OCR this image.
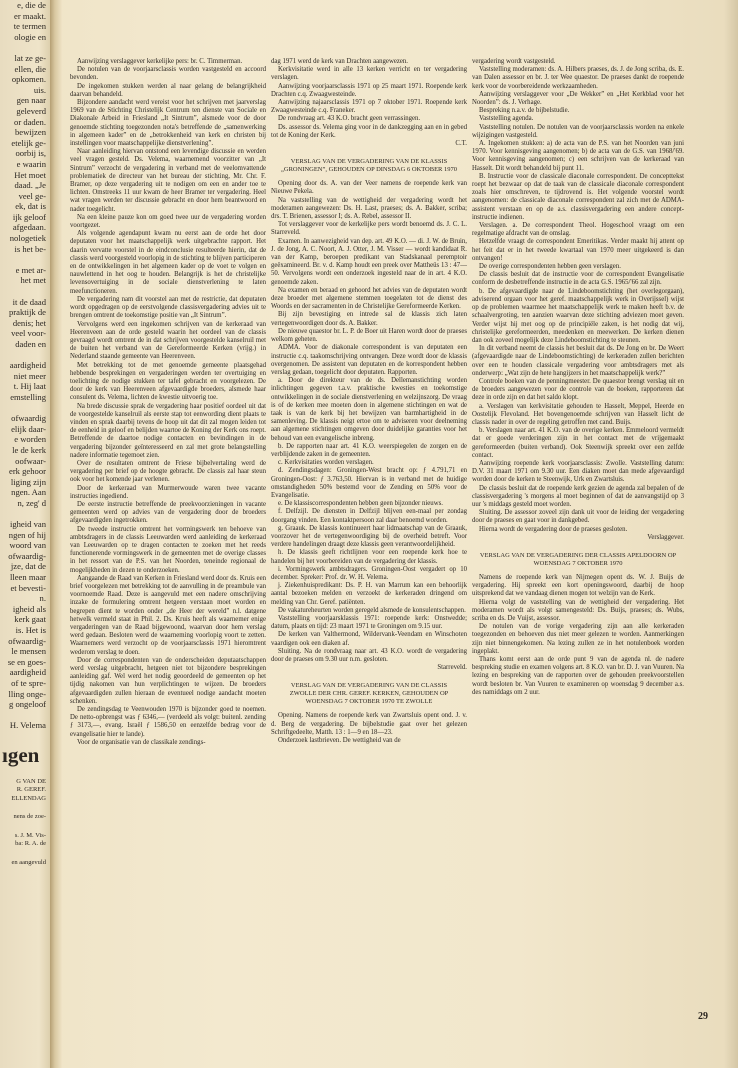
e, die de

er maakt.

te termen

ologie en

lat ze ge-

ellen, die

opkomen.

uis.

gen naar

geleverd

or daden.

bewijzen

etelijk ge-

oorbij is,

e waarin

Het moet

daad. „Je

veel ge-

ek, dat is

ijk geloof

afgedaan.

nologetiek

is het be-

e met ar-

het met

it de daad

praktijk de

denis; het

veel voor-

daden en

aardigheid

niet meer

t. Hij laat

emstelling

ofwaardig

elijk daar-

e worden

le de kerk

oofwaar-

erk gehoor

liging zijn

ngen. Aan

n, zeg' d

igheid van

ngen of hij

woord van

ofwaardig-

jze, dat de

lleen maar

et bevesti-

n.

igheid als

kerk gaat

is. Het is

ofwaardig-

le mensen

se en goes-

aardigheid

of te spre-

lling onge-

g ongeloof

H. Velema

ıgen

G VAN DE

R. GEREF.

ELLENDAG

nens de zoe-

s. J. M. Vis-

ba: R. A. de

en aangevuld

Aanwijzing verslaggever kerkelijke pers: br. C. Timmerman.

De notulen van de voorjaarsclassis worden vastgesteld en accoord bevonden.

De ingekomen stukken werden al naar gelang de belangrijkheid daarvan behandeld.

Bijzondere aandacht werd vereist voor het schrijven met jaarverslag 1969 van de Stichting Christelijk Centrum ten dienste van Sociale en Diakonale Arbeid in Friesland „It Sintrum”, alsmede voor de door genoemde stichting toegezonden nota's betreffende de „samenwerking in algemeen kader” en de „betrokkenheid van kerk en christen bij instellingen voor maatschappelijke dienstverlening”.

Naar aanleiding hiervan ontstond een levendige discussie en werden veel vragen gesteld. Ds. Velema, waarnemend voorzitter van „It Sintrum” verzocht de vergadering in verband met de veelomvattende problematiek de directeur van het bureau der stichting, Mr. Chr. F. Bramer, op deze vergadering uit te nodigen om een en ander toe te lichten. Omstreeks 11 uur kwam de heer Bramer ter vergadering. Heel wat vragen werden ter discussie gebracht en door hem beantwoord en nader toegelicht.

Na een kleine pauze kon om goed twee uur de vergadering worden voortgezet.

Als volgende agendapunt kwam nu eerst aan de orde het door deputaten voor het maatschappelijk werk uitgebrachte rapport. Het daarin vervatte voorstel in de eindconclusie resulteerde hierin, dat de classis werd voorgesteld voorlopig in de stichting te blijven participeren en de ontwikkelingen in het algemeen kader op de voet te volgen en nauwlettend in het oog te houden. Belangrijk is het de christelijke levensovertuiging in de sociale dienstverlening te laten meefunctioneren.

De vergadering nam dit voorstel aan met de restrictie, dat deputaten wordt opgedragen op de eerstvolgende classisvergadering advies uit te brengen omtrent de toekomstige positie van „It Sintrum”.

Vervolgens werd een ingekomen schrijven van de kerkeraad van Heerenveen aan de orde gesteld waarin het oordeel van de classis gevraagd wordt omtrent de in dat schrijven voorgestelde kanselruil met de buiten het verband van de Gereformeerde Kerken (vrijg.) in Nederland staande gemeente van Heerenveen.

Met betrekking tot de met genoemde gemeente plaatsgehad hebbende besprekingen en vergaderingen werden ter overtuiging en toelichting de nodige stukken ter tafel gebracht en voorgelezen. De door de kerk van Heerenveen afgevaardigde broeders, alsmede haar consulent ds. Velema, lichten de kwestie uitvoerig toe.

Na brede discussie sprak de vergadering haar positief oordeel uit dat de voorgestelde kanselruil als eerste stap tot eenwording dient plaats te vinden en sprak daarbij tevens de hoop uit dat dit zal mogen leiden tot de eenheid in geloof en belijden waartoe de Koning der Kerk ons roept. Betreffende de daartoe nodige contacten en bevindingen in de vergadering bijzonder geïnteresseerd en zal met grote belangstelling nadere informatie tegemoet zien.

Over de resultaten omtrent de Friese bijbelvertaling werd de vergadering per brief op de hoogte gebracht. De classis zal haar steun ook voor het komende jaar verlenen.

Door de kerkeraad van Murmerwoude waren twee vacante instructies ingediend.

De eerste instructie betreffende de preekvoorzieningen in vacante gemeenten werd op advies van de vergadering door de broeders afgevaardigden ingetrokken.

De tweede instructie omtrent het vormingswerk ten behoeve van ambtsdragers in de classis Leeuwarden werd aanleiding de kerkeraad van Leeuwarden op te dragen contacten te zoeken met het reeds functionerende vormingswerk in de gemeenten met de overige classes in het ressort van de P.S. van het Noorden, teneinde regionaal de mogelijkheden in dezen te onderzoeken.

Aangaande de Raad van Kerken in Friesland werd door ds. Kruis een brief voorgelezen met betrekking tot de aanvulling in de preambule van voornoemde Raad. Deze is aangevuld met een nadere omschrijving inzake de formulering omtrent hetgeen verstaan moet worden en begrepen dient te worden onder „de Heer der wereld” n.l. datgene hetwelk vermeld staat in Phil. 2. Ds. Kruis heeft als waarnemer enige vergaderingen van de Raad bijgewoond, waarvan door hem verslag werd gedaan. Besloten werd de waarneming voorlopig voort te zetten. Waarnemers werd verzocht op de voorjaarsclassis 1971 hieromtrent wederom verslag te doen.

Door de correspondenten van de onderscheiden deputaatschappen werd verslag uitgebracht, hetgeen niet tot bijzondere besprekingen aanleiding gaf. Wel werd het nodig geoordeeld de gemeenten op het tijdig nakomen van hun verplichtingen te wijzen. De broeders afgevaardigden zullen hieraan de eventueel nodige aandacht moeten schenken.

De zendingsdag te Veenwouden 1970 is bijzonder goed te noemen. De netto-opbrengst was ƒ 6346,— (verdeeld als volgt: buitenl. zending ƒ 3173,—, evang. Israël ƒ 1586,50 en eenzelfde bedrag voor de evangelisatie hier te lande).

Voor de organisatie van de classikale zendings-

dag 1971 werd de kerk van Drachten aangewezen.

Kerkvisitatie werd in alle 13 kerken verricht en ter vergadering verslagen.

Aanwijzing voorjaarsclassis 1971 op 25 maart 1971. Roepende kerk Drachten c.q. Zwaagwesteinde.

Aanwijzing najaarsclassis 1971 op 7 oktober 1971. Roepende kerk Zwaagwesteinde c.q. Franeker.

De rondvraag art. 43 K.O. bracht geen verrassingen.

Ds. assessor ds. Velema ging voor in de dankzegging aan en in gebed tot de Koning der Kerk.

C.T.

VERSLAG VAN DE VERGADERING VAN DE KLASSIS „GRONINGEN”, GEHOUDEN OP DINSDAG 6 OKTOBER 1970

Opening door ds. A. van der Veer namens de roepende kerk van Nieuwe Pekela.

Na vaststelling van de wettigheid der vergadering wordt het moderamen aangewezen: Ds. H. Last, praeses; ds. A. Bakker, scriba; drs. T. Brienen, assessor I; ds. A. Rebel, assessor II.

Tot verslaggever voor de kerkelijke pers wordt benoemd ds. J. C. L. Starreveld.

Examen. In aanwezigheid van dep. art. 49 K.O. — di. J. W. de Bruin, J. de Jong, A. C. Noort, A. J. Otter, J. M. Visser — wordt kandidaat R. van der Kamp, beroepen predikant van Stadskanaal peremptoir geëxamineerd. Br. v. d. Kamp houdt een preek over Mattheüs 13 : 47—50. Vervolgens wordt een onderzoek ingesteld naar de in art. 4 K.O. genoemde zaken.

Na examen en beraad en gehoord het advies van de deputaten wordt deze broeder met algemene stemmen toegelaten tot de dienst des Woords en der sacramenten in de Christelijke Gereformeerde Kerken.

Bij zijn bevestiging en intrede sal de klassis zich laten vertegenwoordigen door ds. A. Bakker.

De nieuwe quaestor br. L. P. de Boer uit Haren wordt door de praeses welkom geheten.

ADMA. Voor de diakonale correspondent is van deputaten een instructie c.q. taakomschrijving ontvangen. Deze wordt door de klassis overgenomen. De assistent van deputaten en de korrespondent hebben verslag gedaan, toegelicht door deputaten. Rapporten.

a. Door de direkteur van de ds. Dellemanstichting worden inlichtingen gegeven t.a.v. praktische kwesties en toekomstige ontwikkelingen in de sociale dienstverlening en welzijnszorg. De vraag is of de kerken mee moeten doen in algemene stichtingen en wat de taak is van de kerk bij het bewijzen van barmhartigheid in de samenleving. De klassis neigt ertoe om te adviseren voor deelneming aan algemene stichtingen omgeven door duidelijke garanties voor het behoud van een evangelische inbreng.

b. De rapporten naar art. 41 K.O. weerspiegelen de zorgen en de verblijdende zaken in de gemeenten.

c. Kerkvisitaties worden verslagen.

d. Zendingsdagen: Groningen-West bracht op: ƒ 4.791,71 en Groningen-Oost: ƒ 3.763,50. Hiervan is in verband met de huidige omstandigheden 50% bestemd voor de Zending en 50% voor de Evangelisatie.

e. De klassiscorrespondenten hebben geen bijzonder nieuws.

f. Delfzijl. De diensten in Delfzijl blijven een-maal per zondag doorgang vinden. Een kontaktpersoon zal daar benoemd worden.

g. Graauk. De klassis kontinueert haar lidmaatschap van de Graauk, voorzover het de vertegenwoordiging bij de overheid betreft. Voor verdere handelingen draagt deze klassis geen verantwoordelijkheid.

h. De klassis geeft richtlijnen voor een roepende kerk hoe te handelen bij het voorbereiden van de vergadering der klassis.

i. Vormingswerk ambtsdragers. Groningen-Oost vergadert op 10 december. Spreker: Prof. dr. W. H. Velema.

j. Ziekenhuispredikant: Ds. P. H. van Marrum kan een behoorlijk aantal bezoeken melden en verzoekt de kerkeraden dringend om melding van Chr. Geref. patiënten.

De vakatureheurten worden geregeld alsmede de konsulentschappen.

Vaststelling voorjaarsklassis 1971: roepende kerk: Onstwedde; datum, plaats en tijd: 23 maart 1971 te Groningen om 9.15 uur.

De kerken van Valthermond, Wildervank-Veendam en Winschoten vaardigen ook een diaken af.

Sluiting. Na de rondvraag naar art. 43 K.O. wordt de vergadering door de praeses om 9.30 uur n.m. gesloten.

Starreveld.

VERSLAG VAN DE VERGADERING VAN DE CLASSIS ZWOLLE DER CHR. GEREF. KERKEN, GEHOUDEN OP WOENSDAG 7 OKTOBER 1970 TE ZWOLLE

Opening. Namens de roepende kerk van Zwartsluis opent ond. J. v. d. Berg de vergadering. De bijbelstudie gaat over het gelezen Schriftgedeelte, Matth. 13 : 1—9 en 18—23.

Onderzoek lastbrieven. De wettigheid van de

vergadering wordt vastgesteld.

Vaststelling moderamen: ds. A. Hilbers praeses, ds. J. de Jong scriba, ds. E. van Dalen assessor en br. J. ter Wee quaestor. De praeses dankt de roepende kerk voor de voorbereidende werkzaamheden.

Aanwijzing verslaggever voor „De Wekker” en „Het Kerkblad voor het Noorden”: ds. J. Verhage.

Bespreking n.a.v. de bijbelstudie.

Vaststelling agenda.

Vaststelling notulen. De notulen van de voorjaarsclassis worden na enkele wijzigingen vastgesteld.

A. Ingekomen stukken: a) de acta van de P.S. van het Noorden van juni 1970. Voor kennisgeving aangenomen; b) de acta van de G.S. van 1968/'69. Voor kennisgeving aangenomen; c) een schrijven van de kerkeraad van Hasselt. Dit wordt behandeld bij punt 11.

B. Instructie voor de classicale diaconale correspondent. De concepttekst roept het bezwaar op dat de taak van de classicale diaconale correspondent zoals hier omschreven, te tijdrovend is. Het volgende voorstel wordt aangenomen: de classicale diaconale correspondent zal zich met de ADMA-assistent verstaan en op de a.s. classisvergadering een andere concept-instructie indienen.

Verslagen. a. De correspondent Theol. Hogeschool vraagt om een regelmatige afdracht van de omslag.

Hetzelfde vraagt de correspondent Emeritikas. Verder maakt hij attent op het feit dat er in het tweede kwartaal van 1970 meer uitgekeerd is dan ontvangen!

De overige correspondenten hebben geen verslagen.

De classis besluit dat de instructie voor de correspondent Evangelisatie conform de desbetreffende instructie in de acta G.S. 1965/'66 zal zijn.

b. De afgevaardigde naar de Lindeboomstichting (het overlegorgaan), adviserend orgaan voor het geref. maatschappelijk werk in Overijssel) wijst op de problemen waarmee het maatschappelijk werk te maken heeft b.v. de schaalvergroting, ten aanzien waarvan deze stichting adviezen moet geven. Verder wijst hij met oog op de principiële zaken, is het nodig dat wij, christelijke gereformeerden, meedenken en meewerken. De kerken dienen dan ook zoveel mogelijk deze Lindeboomstichting te steunen.

In dit verband neemt de classis het besluit dat ds. De Jong en br. De Weert (afgevaardigde naar de Lindeboomstichting) de kerkeraden zullen berichten over een te houden classicale vergadering voor ambtsdragers met als onderwerp: „Wat zijn de hete hangijzers in het maatschappelijk werk?”

Controle boeken van de penningmeester. De quaestor brengt verslag uit en de broeders aangewezen voor de controle van de boeken, rapporteren dat deze in orde zijn en dat het saldo klopt.

a. Verslagen van kerkvisitatie gehouden te Hasselt, Meppel, Heerde en Oostelijk Flevoland. Het bovengenoemde schrijven van Hasselt licht de classis nader in over de regeling getroffen met cand. Buijs.

b. Verslagen naar art. 41 K.O. van de overige kerken. Emmeloord vermeldt dat er goede verderingen zijn in het contact met de vrijgemaakt gereformeerden (buiten verband). Ook Steenwijk spreekt over een zelfde contact.

Aanwijzing roepende kerk voorjaarsclassis: Zwolle. Vaststelling datum: D.V. 31 maart 1971 om 9.30 uur. Een diaken moet dan mede afgevaardigd worden door de kerken te Steenwijk, Urk en Zwartsluis.

De classis besluit dat de roepende kerk gezien de agenda zal bepalen of de classisvergadering 's morgens al moet beginnen of dat de aanvangstijd op 3 uur 's middags gesteld moet worden.

Sluiting. De assessor zoveel zijn dank uit voor de leiding der vergadering door de praeses en gaat voor in dankgebed.

Hierna wordt de vergadering door de praeses gesloten.

Verslaggever.

VERSLAG VAN DE VERGADERING DER CLASSIS APELDOORN OP WOENSDAG 7 OKTOBER 1970

Namens de roepende kerk van Nijmegen opent ds. W. J. Buijs de vergadering. Hij spreekt een kort openingswoord, daarbij de hoop uitsprekend dat we vandaag dienen mogen tot welzijn van de Kerk.

Hierna volgt de vaststelling van de wettigheid der vergadering. Het moderamen wordt als volgt samengesteld: Ds. Buijs, praeses; ds. Wubs, scriba en ds. De Vuijst, assessor.

De notulen van de vorige vergadering zijn aan alle kerkeraden toegezonden en behoeven dus niet meer gelezen te worden. Aanmerkingen zijn niet binnengekomen. Na lezing zullen ze in het notulenboek worden ingeplakt.

Thans komt eerst aan de orde punt 9 van de agenda nl. de nadere bespreking studie en examen volgens art. 8 K.O. van br. D. J. van Vuuren. Na lezing en bespreking van de rapporten over de gehouden preekvoorstellen wordt besloten br. Van Vuuren te examineren op woensdag 9 december a.s. des namiddags om 2 uur.

29
